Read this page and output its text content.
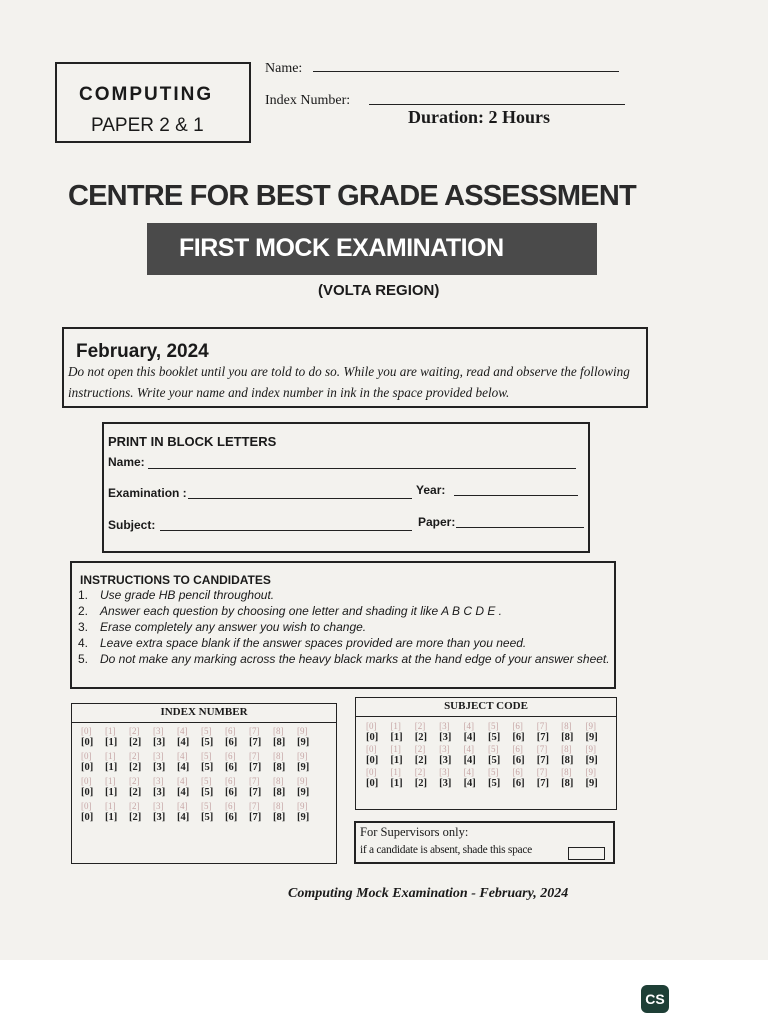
COMPUTING
PAPER 2 & 1
Name:
Index Number:
Duration: 2 Hours
CENTRE FOR BEST GRADE ASSESSMENT
FIRST MOCK EXAMINATION
(VOLTA REGION)
February, 2024
Do not open this booklet until you are told to do so. While you are waiting, read and observe the following instructions. Write your name and index number in ink in the space provided below.
PRINT IN BLOCK LETTERS
Name:
Examination :	Year:
Subject:	Paper:
INSTRUCTIONS TO CANDIDATES
1. Use grade HB pencil throughout.
2. Answer each question by choosing one letter and shading it like A B C D E .
3. Erase completely any answer you wish to change.
4. Leave extra space blank if the answer spaces provided are more than you need.
5. Do not make any marking across the heavy black marks at the hand edge of your answer sheet.
INDEX NUMBER
[0]	[1]	[2]	[3]	[4]	[5]	[6]	[7]	[8]	[9]
[0]	[1]	[2]	[3]	[4]	[5]	[6]	[7]	[8]	[9]
[0]	[1]	[2]	[3]	[4]	[5]	[6]	[7]	[8]	[9]
[0]	[1]	[2]	[3]	[4]	[5]	[6]	[7]	[8]	[9]
[0]	[1]	[2]	[3]	[4]	[5]	[6]	[7]	[8]	[9]
[0]	[1]	[2]	[3]	[4]	[5]	[6]	[7]	[8]	[9]
[0]	[1]	[2]	[3]	[4]	[5]	[6]	[7]	[8]	[9]
[0]	[1]	[2]	[3]	[4]	[5]	[6]	[7]	[8]	[9]
SUBJECT CODE
[0]	[1]	[2]	[3]	[4]	[5]	[6]	[7]	[8]	[9]
[0]	[1]	[2]	[3]	[4]	[5]	[6]	[7]	[8]	[9]
[0]	[1]	[2]	[3]	[4]	[5]	[6]	[7]	[8]	[9]
[0]	[1]	[2]	[3]	[4]	[5]	[6]	[7]	[8]	[9]
[0]	[1]	[2]	[3]	[4]	[5]	[6]	[7]	[8]	[9]
[0]	[1]	[2]	[3]	[4]	[5]	[6]	[7]	[8]	[9]
For Supervisors only:
if a candidate is absent, shade this space
Computing Mock Examination - February, 2024
CS
